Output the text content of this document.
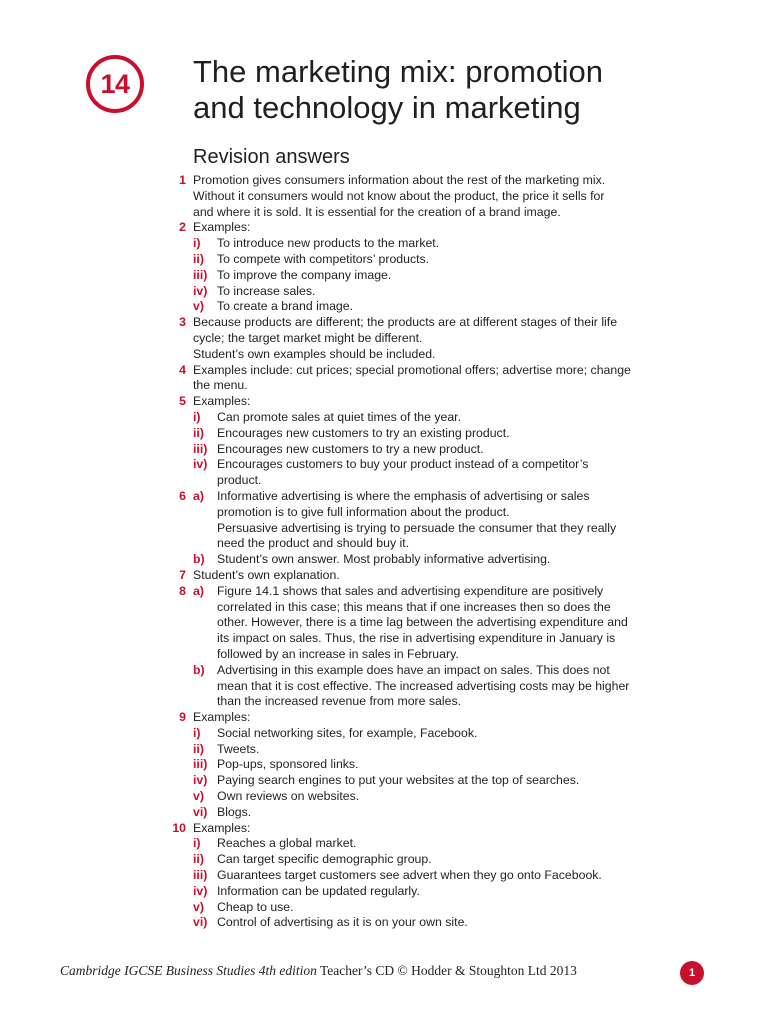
14 The marketing mix: promotion
and technology in marketing
Revision answers
1 Promotion gives consumers information about the rest of the marketing mix.
Without it consumers would not know about the product, the price it sells for
and where it is sold. It is essential for the creation of a brand image.
2 Examples:
i) To introduce new products to the market.
ii) To compete with competitors’ products.
iii) To improve the company image.
iv) To increase sales.
v) To create a brand image.
3 Because products are different; the products are at different stages of their life
cycle; the target market might be different.
Student’s own examples should be included.
4 Examples include: cut prices; special promotional offers; advertise more; change
the menu.
5 Examples:
i) Can promote sales at quiet times of the year.
ii) Encourages new customers to try an existing product.
iii) Encourages new customers to try a new product.
iv) Encourages customers to buy your product instead of a competitor’s
product.
6 a) Informative advertising is where the emphasis of advertising or sales
promotion is to give full information about the product.
Persuasive advertising is trying to persuade the consumer that they really
need the product and should buy it.
b) Student’s own answer. Most probably informative advertising.
7 Student’s own explanation.
8 a) Figure 14.1 shows that sales and advertising expenditure are positively
correlated in this case; this means that if one increases then so does the
other. However, there is a time lag between the advertising expenditure and
its impact on sales. Thus, the rise in advertising expenditure in January is
followed by an increase in sales in February.
b) Advertising in this example does have an impact on sales. This does not
mean that it is cost effective. The increased advertising costs may be higher
than the increased revenue from more sales.
9 Examples:
i) Social networking sites, for example, Facebook.
ii) Tweets.
iii) Pop-ups, sponsored links.
iv) Paying search engines to put your websites at the top of searches.
v) Own reviews on websites.
vi) Blogs.
10 Examples:
i) Reaches a global market.
ii) Can target specific demographic group.
iii) Guarantees target customers see advert when they go onto Facebook.
iv) Information can be updated regularly.
v) Cheap to use.
vi) Control of advertising as it is on your own site.
Cambridge IGCSE Business Studies 4th edition Teacher’s CD © Hodder & Stoughton Ltd 2013	1
